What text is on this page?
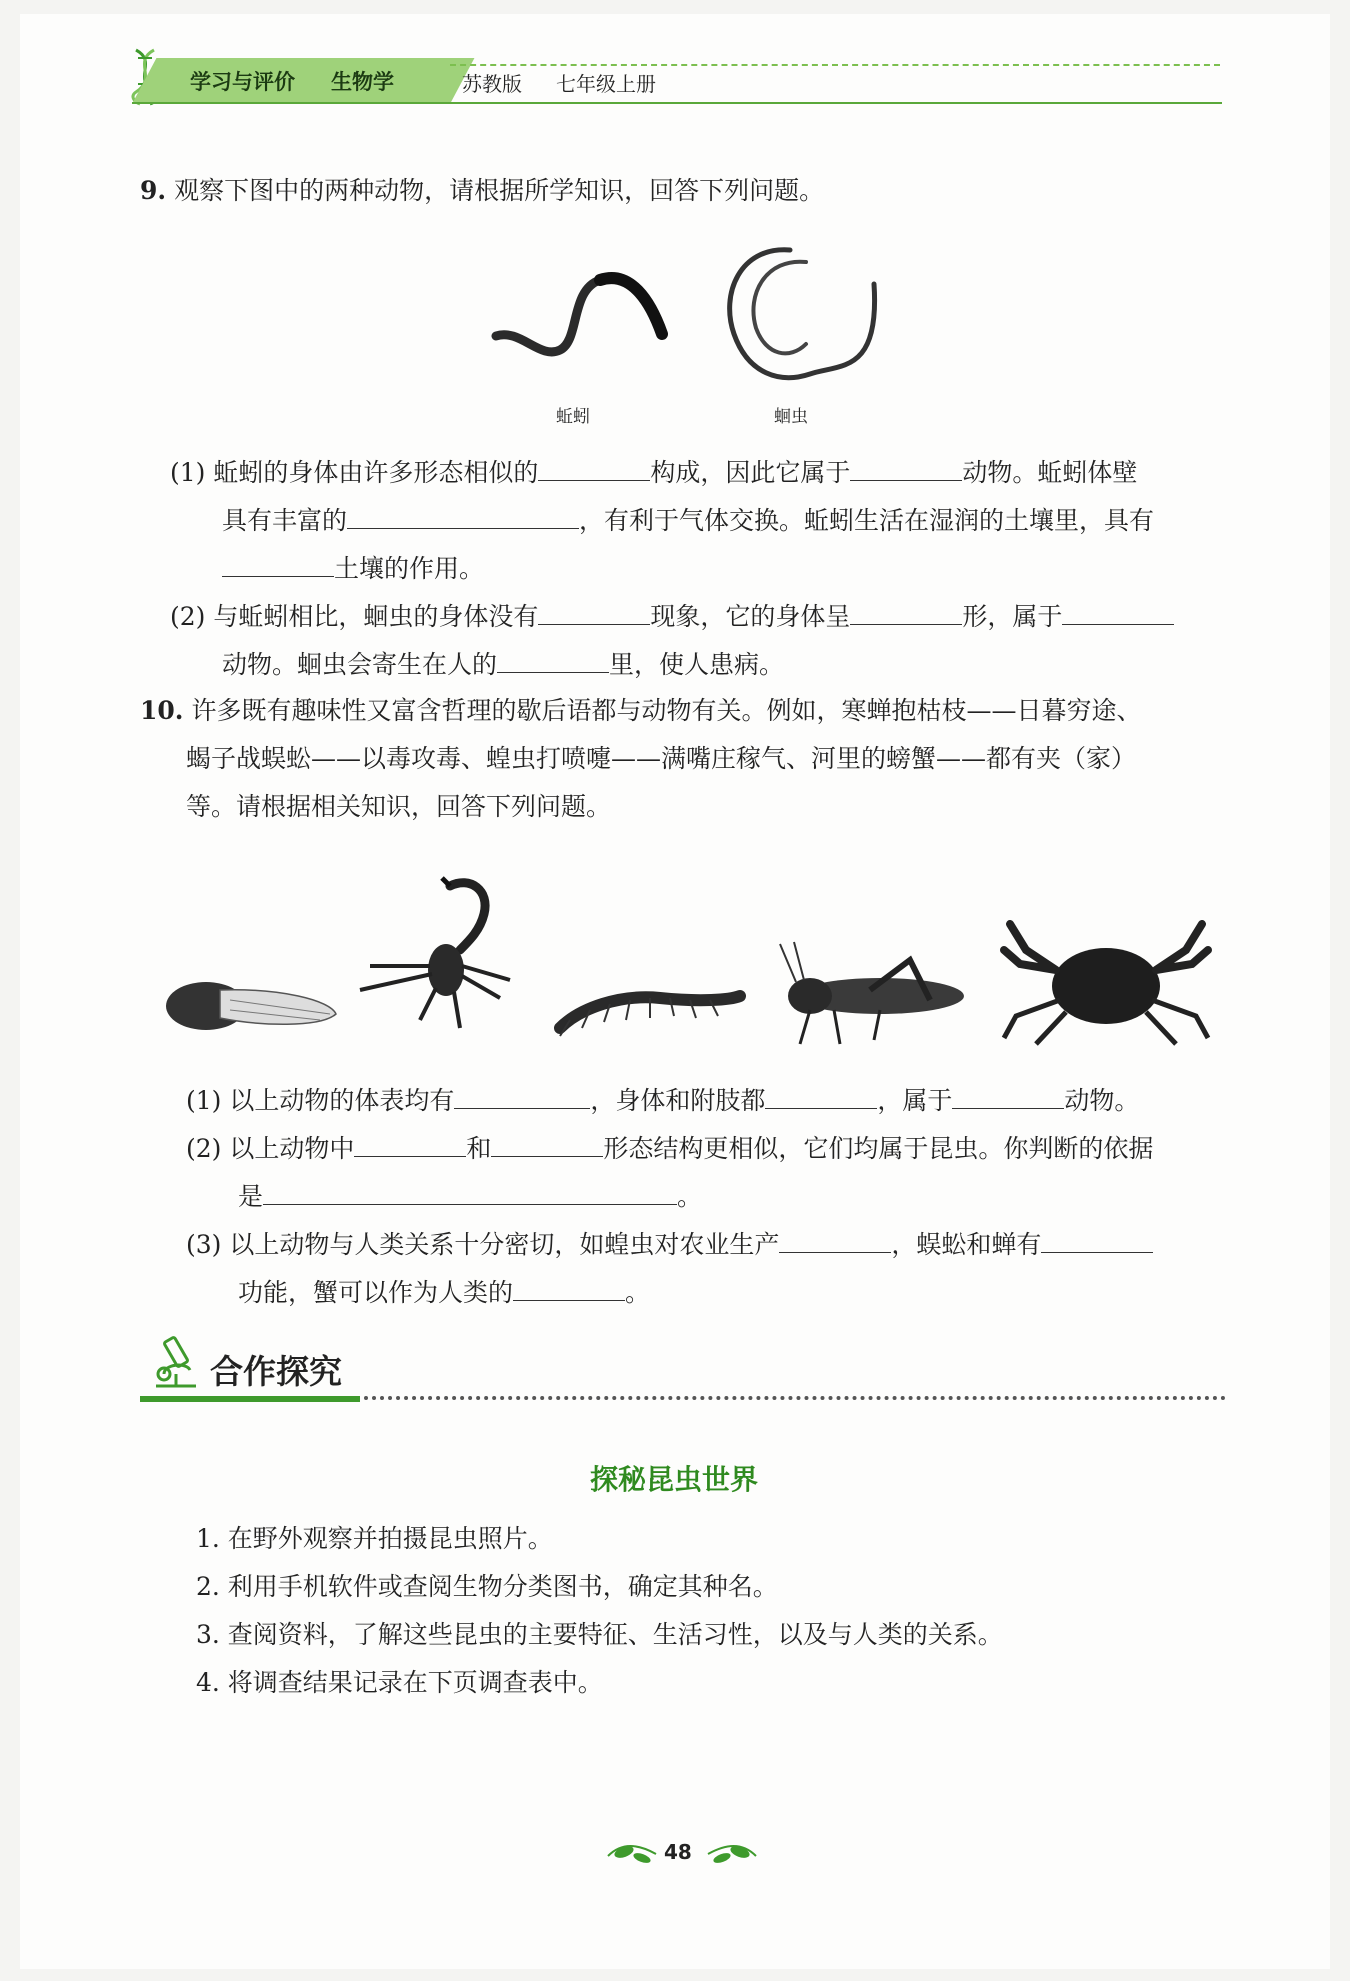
学习与评价 生物学	苏教版 七年级上册
9. 观察下图中的两种动物，请根据所学知识，回答下列问题。
蚯蚓	蛔虫
(1) 蚯蚓的身体由许多形态相似的	构成，因此它属于	动物。蚯蚓体壁
具有丰富的	，有利于气体交换。蚯蚓生活在湿润的土壤里，具有
土壤的作用。
(2) 与蚯蚓相比，蛔虫的身体没有	现象，它的身体呈	形，属于
动物。蛔虫会寄生在人的	里，使人患病。
10. 许多既有趣味性又富含哲理的歇后语都与动物有关。例如，寒蝉抱枯枝——日暮穷途、
蝎子战蜈蚣——以毒攻毒、蝗虫打喷嚏——满嘴庄稼气、河里的螃蟹——都有夹（家）
等。请根据相关知识，回答下列问题。
(1) 以上动物的体表均有	，身体和附肢都	，属于	动物。
(2) 以上动物中	和	形态结构更相似，它们均属于昆虫。你判断的依据
是	。
(3) 以上动物与人类关系十分密切，如蝗虫对农业生产	，蜈蚣和蝉有
功能，蟹可以作为人类的	。
合作探究
探秘昆虫世界
1. 在野外观察并拍摄昆虫照片。
2. 利用手机软件或查阅生物分类图书，确定其种名。
3. 查阅资料，了解这些昆虫的主要特征、生活习性，以及与人类的关系。
4. 将调查结果记录在下页调查表中。
48
